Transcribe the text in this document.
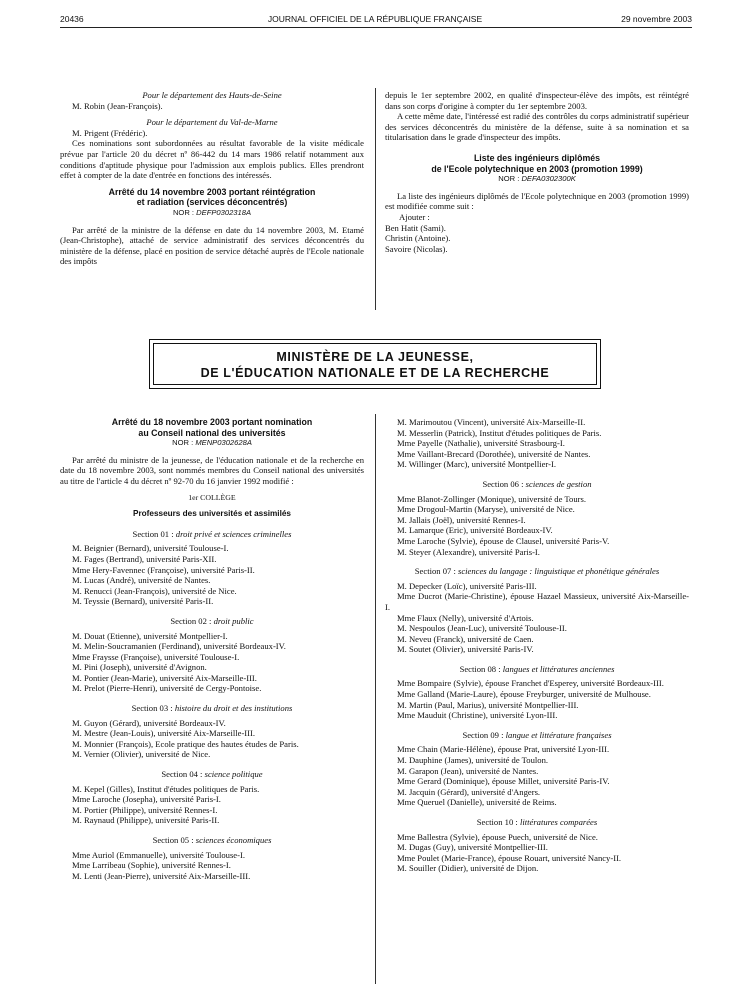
20436	JOURNAL OFFICIEL DE LA RÉPUBLIQUE FRANÇAISE	29 novembre 2003

Pour le département des Hauts-de-Seine

M. Robin (Jean-François).

Pour le département du Val-de-Marne

M. Prigent (Frédéric).

Ces nominations sont subordonnées au résultat favorable de la visite médicale prévue par l'article 20 du décret nº 86-442 du 14 mars 1986 relatif notamment aux conditions d'aptitude physique pour l'admission aux emplois publics. Elles prendront effet à compter de la date d'entrée en fonctions des intéressés.

Arrêté du 14 novembre 2003 portant réintégration

et radiation (services déconcentrés)

NOR : DEFP0302318A

Par arrêté de la ministre de la défense en date du 14 novembre 2003, M. Etamé (Jean-Christophe), attaché de service administratif des services déconcentrés du ministère de la défense, placé en position de service détaché auprès de l'Ecole nationale des impôts

depuis le 1er septembre 2002, en qualité d'inspecteur-élève des impôts, est réintégré dans son corps d'origine à compter du 1er septembre 2003.

A cette même date, l'intéressé est radié des contrôles du corps administratif supérieur des services déconcentrés du ministère de la défense, suite à sa nomination et sa titularisation dans le grade d'inspecteur des impôts.

Liste des ingénieurs diplômés

de l'Ecole polytechnique en 2003 (promotion 1999)

NOR : DEFA0302300K

La liste des ingénieurs diplômés de l'Ecole polytechnique en 2003 (promotion 1999) est modifiée comme suit :

Ajouter :

Ben Hatit (Sami).

Christin (Antoine).

Savoire (Nicolas).

MINISTÈRE DE LA JEUNESSE,
DE L'ÉDUCATION NATIONALE ET DE LA RECHERCHE

Arrêté du 18 novembre 2003 portant nomination

au Conseil national des universités

NOR : MENP0302628A

Par arrêté du ministre de la jeunesse, de l'éducation nationale et de la recherche en date du 18 novembre 2003, sont nommés membres du Conseil national des universités au titre de l'article 4 du décret nº 92-70 du 16 janvier 1992 modifié :

1er COLLÈGE

Professeurs des universités et assimilés

Section 01 : droit privé et sciences criminelles

M. Beignier (Bernard), université Toulouse-I.

M. Fages (Bertrand), université Paris-XII.

Mme Hery-Favennec (Françoise), université Paris-II.

M. Lucas (André), université de Nantes.

M. Renucci (Jean-François), université de Nice.

M. Teyssie (Bernard), université Paris-II.

Section 02 : droit public

M. Douat (Etienne), université Montpellier-I.

M. Melin-Soucramanien (Ferdinand), université Bordeaux-IV.

Mme Fraysse (Françoise), université Toulouse-I.

M. Pini (Joseph), université d'Avignon.

M. Pontier (Jean-Marie), université Aix-Marseille-III.

M. Prelot (Pierre-Henri), université de Cergy-Pontoise.

Section 03 : histoire du droit et des institutions

M. Guyon (Gérard), université Bordeaux-IV.

M. Mestre (Jean-Louis), université Aix-Marseille-III.

M. Monnier (François), Ecole pratique des hautes études de Paris.

M. Vernier (Olivier), université de Nice.

Section 04 : science politique

M. Kepel (Gilles), Institut d'études politiques de Paris.

Mme Laroche (Josepha), université Paris-I.

M. Portier (Philippe), université Rennes-I.

M. Raynaud (Philippe), université Paris-II.

Section 05 : sciences économiques

Mme Auriol (Emmanuelle), université Toulouse-I.

Mme Larribeau (Sophie), université Rennes-I.

M. Lenti (Jean-Pierre), université Aix-Marseille-III.

M. Marimoutou (Vincent), université Aix-Marseille-II.

M. Messerlin (Patrick), Institut d'études politiques de Paris.

Mme Payelle (Nathalie), université Strasbourg-I.

Mme Vaillant-Brecard (Dorothée), université de Nantes.

M. Willinger (Marc), université Montpellier-I.

Section 06 : sciences de gestion

Mme Blanot-Zollinger (Monique), université de Tours.

Mme Drogoul-Martin (Maryse), université de Nice.

M. Jallais (Joël), université Rennes-I.

M. Lamarque (Eric), université Bordeaux-IV.

Mme Laroche (Sylvie), épouse de Clausel, université Paris-V.

M. Steyer (Alexandre), université Paris-I.

Section 07 : sciences du langage : linguistique et phonétique générales

M. Depecker (Loïc), université Paris-III.

Mme Ducrot (Marie-Christine), épouse Hazael Massieux, université Aix-Marseille-I.

Mme Flaux (Nelly), université d'Artois.

M. Nespoulos (Jean-Luc), université Toulouse-II.

M. Neveu (Franck), université de Caen.

M. Soutet (Olivier), université Paris-IV.

Section 08 : langues et littératures anciennes

Mme Bompaire (Sylvie), épouse Franchet d'Esperey, université Bordeaux-III.

Mme Galland (Marie-Laure), épouse Freyburger, université de Mulhouse.

M. Martin (Paul, Marius), université Montpellier-III.

Mme Mauduit (Christine), université Lyon-III.

Section 09 : langue et littérature françaises

Mme Chain (Marie-Hélène), épouse Prat, université Lyon-III.

M. Dauphine (James), université de Toulon.

M. Garapon (Jean), université de Nantes.

Mme Gerard (Dominique), épouse Millet, université Paris-IV.

M. Jacquin (Gérard), université d'Angers.

Mme Queruel (Danielle), université de Reims.

Section 10 : littératures comparées

Mme Ballestra (Sylvie), épouse Puech, université de Nice.

M. Dugas (Guy), université Montpellier-III.

Mme Poulet (Marie-France), épouse Rouart, université Nancy-II.

M. Souiller (Didier), université de Dijon.
